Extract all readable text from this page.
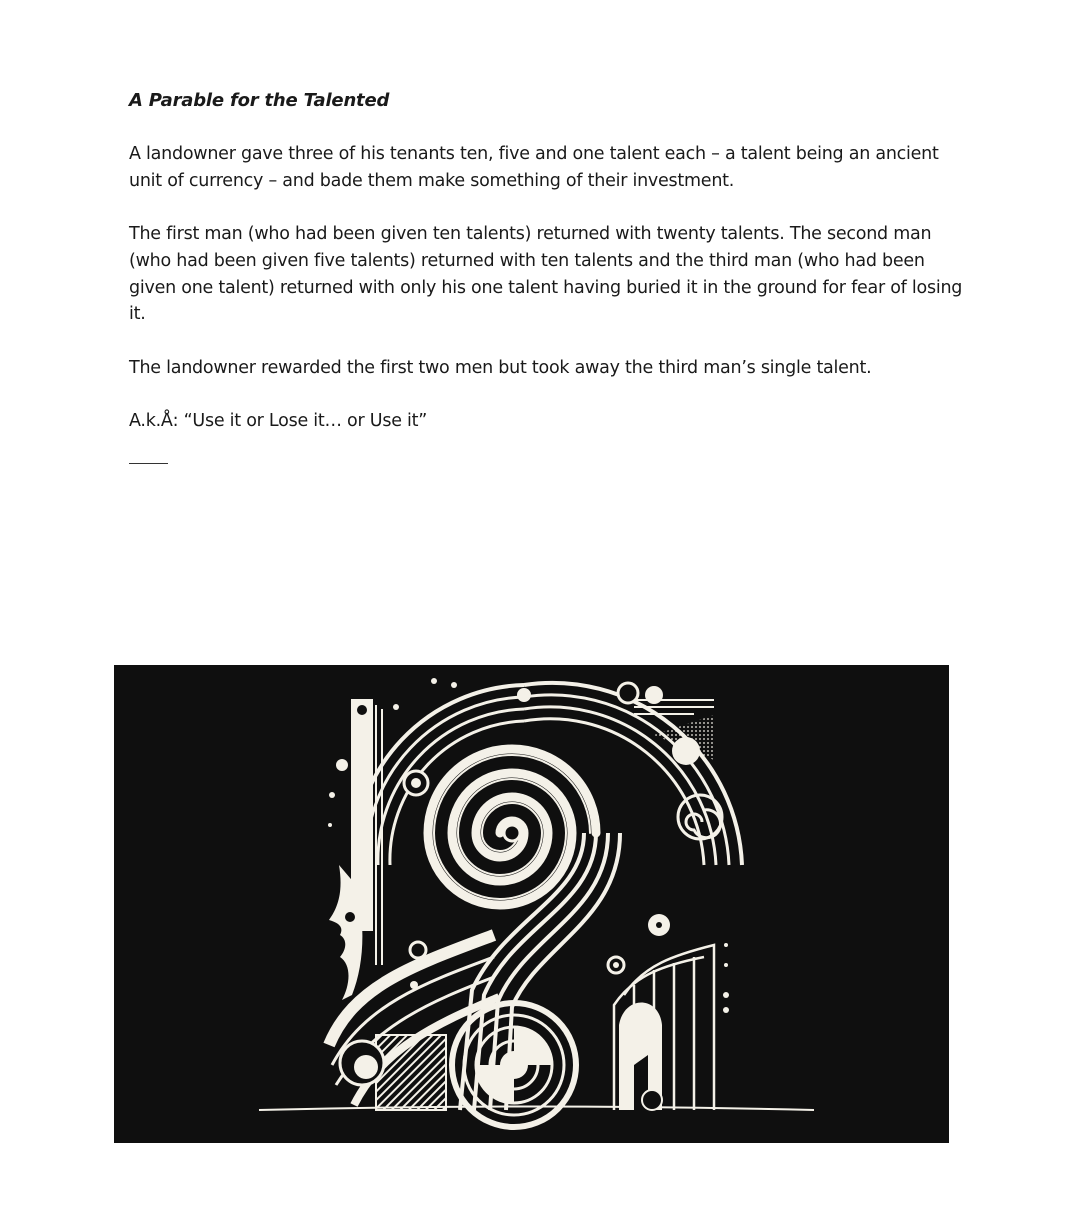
A Parable for the Talented

A landowner gave three of his tenants ten, five and one talent each – a talent being an ancient unit of currency – and bade them make something of their investment.

The first man (who had been given ten talents) returned with twenty talents. The second man (who had been given five talents) returned with ten talents and the third man (who had been given one talent) returned with only his one talent having buried it in the ground for fear of losing it.

The landowner rewarded the first two men but took away the third man’s single talent.

A.k.Å: “Use it or Lose it… or Use it”
